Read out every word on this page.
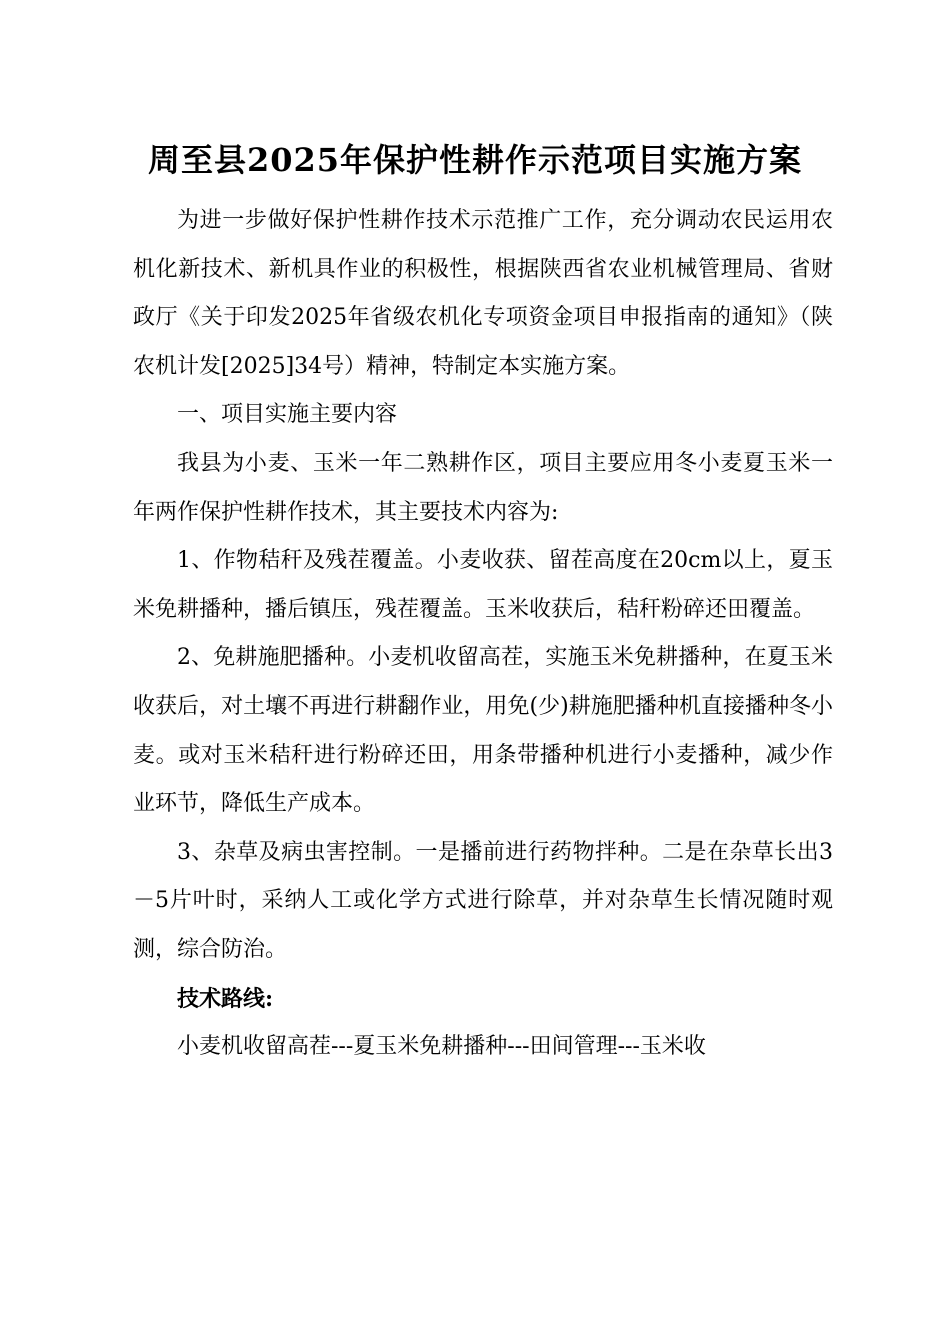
周至县2025年保护性耕作示范项目实施方案

为进一步做好保护性耕作技术示范推广工作，充分调动农民运用农机化新技术、新机具作业的积极性，根据陕西省农业机械管理局、省财政厅《关于印发2025年省级农机化专项资金项目申报指南的通知》（陕农机计发[2025]34号）精神，特制定本实施方案。

一、项目实施主要内容

我县为小麦、玉米一年二熟耕作区，项目主要应用冬小麦夏玉米一年两作保护性耕作技术，其主要技术内容为:

1、作物秸秆及残茬覆盖。小麦收获、留茬高度在20cm以上，夏玉米免耕播种，播后镇压，残茬覆盖。玉米收获后，秸秆粉碎还田覆盖。

2、免耕施肥播种。小麦机收留高茬，实施玉米免耕播种，在夏玉米收获后，对土壤不再进行耕翻作业，用免(少)耕施肥播种机直接播种冬小麦。或对玉米秸秆进行粉碎还田，用条带播种机进行小麦播种，减少作业环节，降低生产成本。

3、杂草及病虫害控制。一是播前进行药物拌种。二是在杂草长出3－5片叶时，采纳人工或化学方式进行除草，并对杂草生长情况随时观测，综合防治。

技术路线:

小麦机收留高茬---夏玉米免耕播种---田间管理---玉米收
